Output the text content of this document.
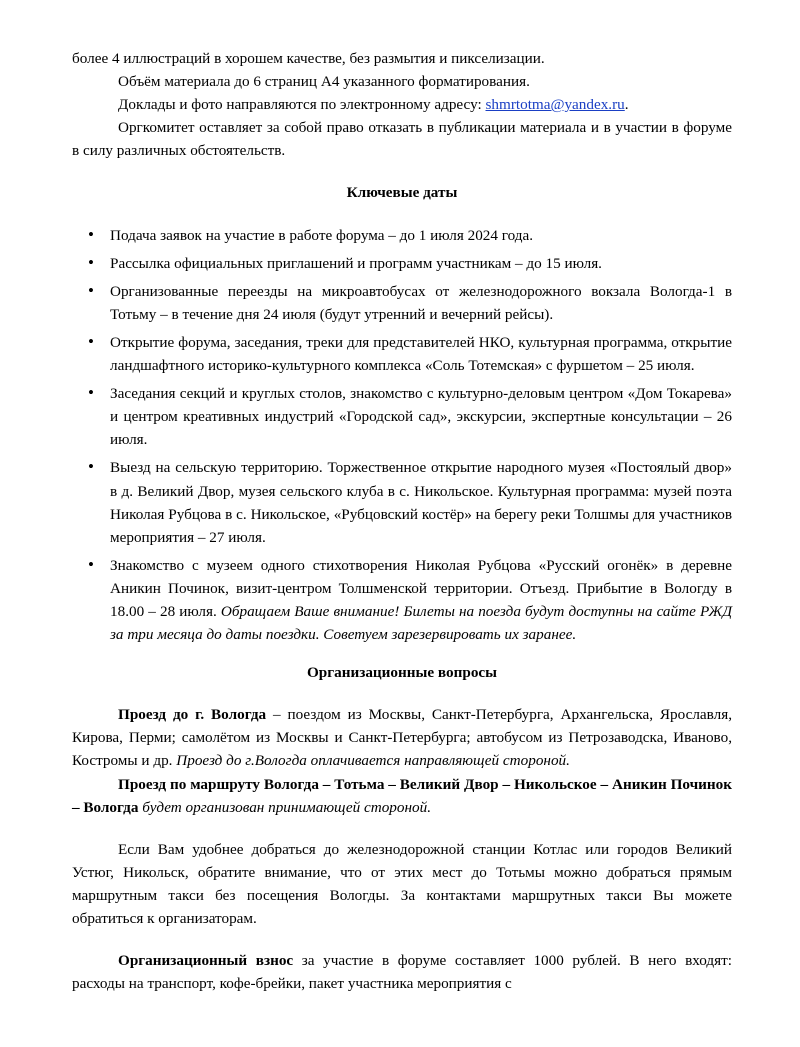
более 4 иллюстраций в хорошем качестве, без размытия и пикселизации.

Объём материала до 6 страниц А4 указанного форматирования.

Доклады и фото направляются по электронному адресу: shmrtotma@yandex.ru.

Оргкомитет оставляет за собой право отказать в публикации материала и в участии в форуме в силу различных обстоятельств.

Ключевые даты

• Подача заявок на участие в работе форума – до 1 июля 2024 года.
• Рассылка официальных приглашений и программ участникам – до 15 июля.
• Организованные переезды на микроавтобусах от железнодорожного вокзала Вологда-1 в Тотьму – в течение дня 24 июля (будут утренний и вечерний рейсы).
• Открытие форума, заседания, треки для представителей НКО, культурная программа, открытие ландшафтного историко-культурного комплекса «Соль Тотемская» с фуршетом – 25 июля.
• Заседания секций и круглых столов, знакомство с культурно-деловым центром «Дом Токарева» и центром креативных индустрий «Городской сад», экскурсии, экспертные консультации – 26 июля.
• Выезд на сельскую территорию. Торжественное открытие народного музея «Постоялый двор» в д. Великий Двор, музея сельского клуба в с. Никольское. Культурная программа: музей поэта Николая Рубцова в с. Никольское, «Рубцовский костёр» на берегу реки Толшмы для участников мероприятия – 27 июля.
• Знакомство с музеем одного стихотворения Николая Рубцова «Русский огонёк» в деревне Аникин Починок, визит-центром Толшменской территории. Отъезд. Прибытие в Вологду в 18.00 – 28 июля. Обращаем Ваше внимание! Билеты на поезда будут доступны на сайте РЖД за три месяца до даты поездки. Советуем зарезервировать их заранее.

Организационные вопросы

Проезд до г. Вологда – поездом из Москвы, Санкт-Петербурга, Архангельска, Ярославля, Кирова, Перми; самолётом из Москвы и Санкт-Петербурга; автобусом из Петрозаводска, Иваново, Костромы и др. Проезд до г.Вологда оплачивается направляющей стороной.

Проезд по маршруту Вологда – Тотьма – Великий Двор – Никольское – Аникин Починок – Вологда будет организован принимающей стороной.

Если Вам удобнее добраться до железнодорожной станции Котлас или городов Великий Устюг, Никольск, обратите внимание, что от этих мест до Тотьмы можно добраться прямым маршрутным такси без посещения Вологды. За контактами маршрутных такси Вы можете обратиться к организаторам.

Организационный взнос за участие в форуме составляет 1000 рублей. В него входят: расходы на транспорт, кофе-брейки, пакет участника мероприятия с
